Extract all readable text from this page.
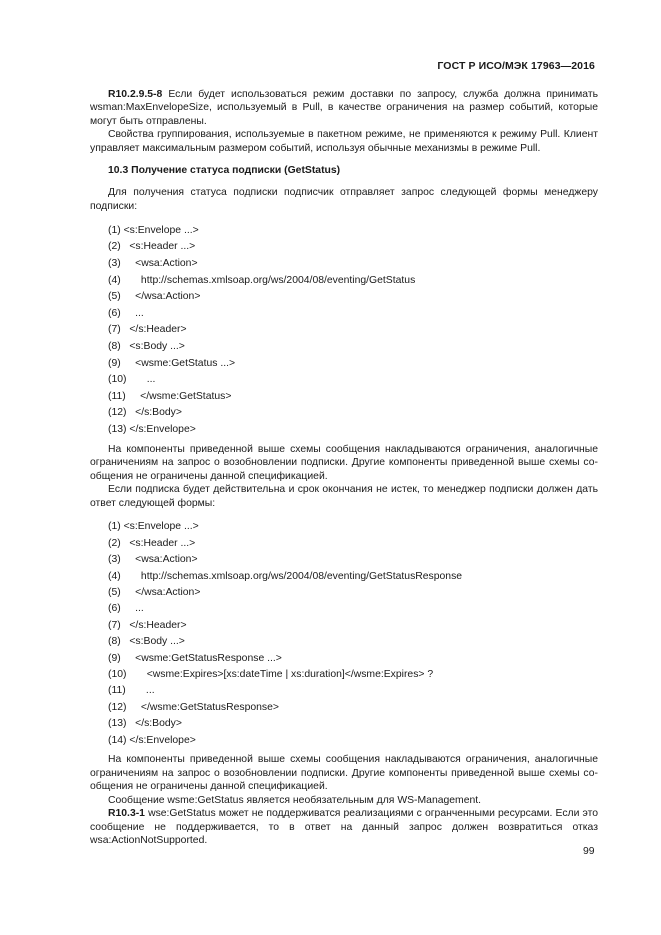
ГОСТ Р ИСО/МЭК 17963—2016

R10.2.9.5-8 Если будет использоваться режим доставки по запросу, служба должна принимать wsman:MaxEnvelopeSize, используемый в Pull, в качестве ограничения на размер событий, которые могут быть отправлены.

Свойства группирования, используемые в пакетном режиме, не применяются к режиму Pull. Клиент управляет максимальным размером событий, используя обычные механизмы в режиме Pull.

10.3 Получение статуса подписки (GetStatus)

Для получения статуса подписки подписчик отправляет запрос следующей формы менеджеру подписки:

(1) <s:Envelope ...>
(2) <s:Header ...>
(3) <wsa:Action>
(4) http://schemas.xmlsoap.org/ws/2004/08/eventing/GetStatus
(5) </wsa:Action>
(6) ...
(7) </s:Header>
(8) <s:Body ...>
(9) <wsme:GetStatus ...>
(10) ...
(11) </wsme:GetStatus>
(12) </s:Body>
(13) </s:Envelope>

На компоненты приведенной выше схемы сообщения накладываются ограничения, аналогичные ограничениям на запрос о возобновлении подписки. Другие компоненты приведенной выше схемы сообщения не ограничены данной спецификацией.

Если подписка будет действительна и срок окончания не истек, то менеджер подписки должен дать ответ следующей формы:

(1) <s:Envelope ...>
(2) <s:Header ...>
(3) <wsa:Action>
(4) http://schemas.xmlsoap.org/ws/2004/08/eventing/GetStatusResponse
(5) </wsa:Action>
(6) ...
(7) </s:Header>
(8) <s:Body ...>
(9) <wsme:GetStatusResponse ...>
(10) <wsme:Expires>[xs:dateTime | xs:duration]</wsme:Expires> ?
(11) ...
(12) </wsme:GetStatusResponse>
(13) </s:Body>
(14) </s:Envelope>

На компоненты приведенной выше схемы сообщения накладываются ограничения, аналогичные ограничениям на запрос о возобновлении подписки. Другие компоненты приведенной выше схемы сообщения не ограничены данной спецификацией.

Сообщение wsme:GetStatus является необязательным для WS-Management.

R10.3-1 wse:GetStatus может не поддерживатся реализациями с огранченными ресурсами. Если это сообщение не поддерживается, то в ответ на данный запрос должен возвратиться отказ wsa:ActionNotSupported.

99
